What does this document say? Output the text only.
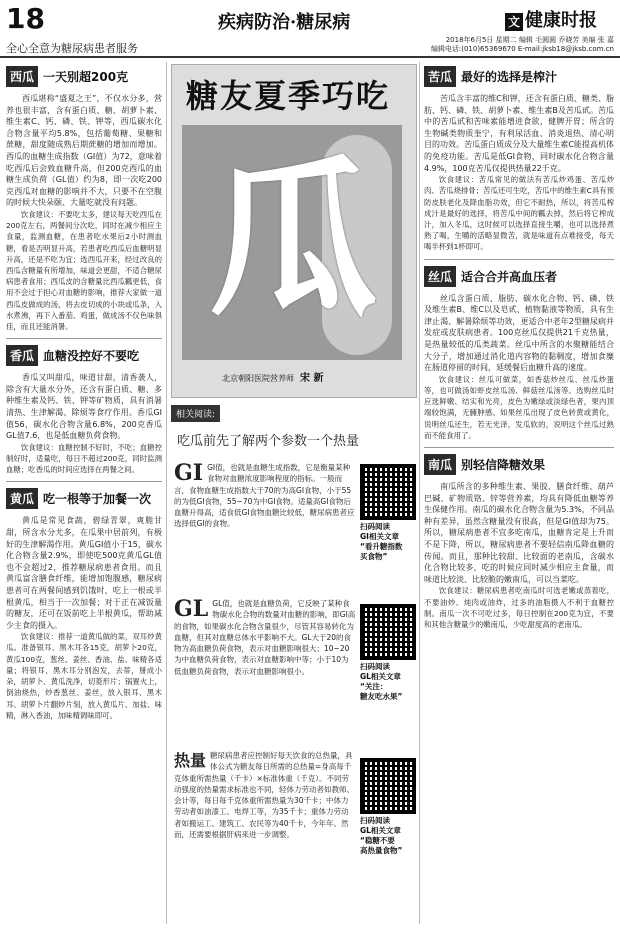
18	疾病防治·糖尿病	文 健康时报
全心全意为糖尿病患者服务
2018年6月5日 星期二 编辑 毛圆圆 乔晓芳 美编 张 嘉
编辑电话:(010)65369670 E-mail:jksb18@jksb.com.cn
西瓜 一天别超200克

西瓜堪称“盛夏之王”，不仅水分多，营养也很丰富，含有蛋白质、糖、胡萝卜素、维生素C、钙、磷、铁、钾等，西瓜碳水化合物含量平均5.8%，包括葡萄糖、果糖和蔗糖，甜度随成熟后期蔗糖的增加而增加。西瓜的血糖生成指数（GI值）为72，意味着吃西瓜后会致血糖升高，但200克西瓜的血糖生成负荷（GL值）约为8，即一次吃200克西瓜对血糖的影响并不大，只要不在空腹的时候大快朵颐、大量吃就没有问题。

饮食建议：不要吃太多，建议每天吃西瓜在200克左右，两餐间分次吃，同时在减少相应主食量，监测血糖，在患者吃水果后2小时测血糖，看是否明显升高，若患者吃西瓜后血糖明显升高，还是不吃为宜；选西瓜开来，经过改良的西瓜含糖量有所增加，味道会更甜，不适合糖尿病患者食用；西瓜皮的含糖量比西瓜瓤更低，食用不会过于担心对血糖的影响，推荐大家做一道西瓜皮做成的汤，将去皮切成的小块或瓜条，入水煮沸，再下入番茄、鸡蛋，做成汤不仅色味俱佳，而且还能消暑。

香瓜 血糖没控好不要吃

香瓜又叫甜瓜，味道甘甜，清香袭人，除含有大量水分外，还含有蛋白质、糖、多种维生素及钙、铁、钾等矿物质，具有消暑清热、生津解渴、除烦等食疗作用。香瓜GI值56，碳水化合物含量6.8%，200克香瓜GL值7.6，也是低血糖负荷食物。

饮食建议：血糖控制不好时，不吃；血糖控制好时，适量吃，每日不超过200克，同时监测血糖；吃香瓜的时间应选择在两餐之间。

黄瓜 吃一根等于加餐一次

黄瓜是常见食蔬，碧绿青翠，爽脆甘甜，所含水分尤多，在瓜果中居前列，有极好的生津解渴作用。黄瓜GI值小于15，碳水化合物含量2.9%，即使吃500克黄瓜GL值也不会超过2，推荐糖尿病患者食用。而且黄瓜富含膳食纤维，能增加饱腹感，糖尿病患者可在两餐间感到饥饿时，吃上一根或半根黄瓜，相当于一次加餐；对于正在减饭量的糖友，还可在饭前吃上半根黄瓜，帮助减少主食的摄入。

饮食建议：推荐一道黄瓜做的菜，双耳炒黄瓜。准备银耳、黑木耳各15克，胡萝卜20克，黄瓜100克，葱丝、姜丝、香油、盐、味精各适量；将银耳、黑木耳分别泡发，去蒂，掰成小朵，胡萝卜、黄瓜洗净，切菱形片；锅置火上，倒油烧热，炒香葱丝、姜丝，放入银耳、黑木耳、胡萝卜片翻炒片刻，放入黄瓜片、加盐、味精，淋入香油，加味精调味即可。

糖友夏季巧吃
瓜
北京朝阳医院营养师 宋 新
相关阅读:
吃瓜前先了解两个参数一个热量
GI GI值，也就是血糖生成指数，它是衡量某种食物对血糖浓度影响程度的指标。一般而言，食物血糖生成指数大于70的为高GI食物，小于55的为低GI食物，55~70为中GI食物。适量高GI食物后血糖升得高，适食低GI食物血糖比较低，糖尿病患者应选择低GI的食物。	扫码阅读
GI相关文章
“看升糖指数
买食物”
GL GL值，也就是血糖负荷，它反映了某种食物碳水化合物的数量对血糖的影响，即GI高的食物，如果碳水化合物含量很少，尽管其容易转化为血糖，但其对血糖总体水平影响不大。GL大于20的食物为高血糖负荷食物，表示对血糖影响很大；10~20为中血糖负荷食物，表示对血糖影响中等；小于10为低血糖负荷食物，表示对血糖影响很小。
扫码阅读
GL相关文章
“关注：
糖友吃水果”
热量 糖尿病患者应控制好每天饮食的总热量，具体公式为糖友每日所需的总热量=身高每千克体重所需热量（千卡）×标准体重（千克）。不同劳动强度的热量需求标准也不同，轻体力劳动者如教师、会计等，每日每千克体重所需热量为30千卡；中体力劳动者如油漆工、电焊工等，为35千卡；重体力劳动者如搬运工、建筑工、农民等为40千卡，今年年。然而，还需要根据肝病来进一步调整。
扫码阅读
GL相关文章
“稳糖不要
高热量食物”
苦瓜 最好的选择是榨汁

苦瓜含丰富的维C和钾，还含有蛋白质、糖类、脂肪、钙、磷、铁、胡萝卜素、维生素B及苦瓜甙。苦瓜中的苦瓜甙和苦味素能增进食欲，健脾开胃；所含的生物碱类物质奎宁，有利尿活血、消炎退热、清心明目的功效。苦瓜蛋白质成分及大量维生素C能提高机体的免疫功能。苦瓜是低GI食物，同时碳水化合物含量4.9%，100克苦瓜仅提供热量22千克。

饮食建议：苦瓜常见的做法有苦瓜炒鸡蛋、苦瓜炒肉、苦瓜烧排骨；苦瓜还可生吃，苦瓜中的维生素C具有预防皮肤老化及降血脂功效，但它不耐热，所以，将苦瓜榨成汁是最好的选择，将苦瓜中间的瓤去掉，然后将它榨成汁，加入冬瓜，这时候可以选择直接生嚼，也可以选择煮熟了喝，生嚼的活略显微苦，就是味道有点难接受，每天喝半杯到1杯即可。

丝瓜 适合合并高血压者

丝瓜含蛋白质、脂肪、碳水化合物、钙、磷、铁及维生素B、维C以及皂甙、植物黏液等物质，具有生津止渴、解暑除烦等功效，更适合中老年2型糖尿病并发症或皮肤病患者。100克丝瓜仅提供21千克热量，是热量较低的瓜类蔬菜。丝瓜中所含的水聚糖能结合大分子，增加通过消化道内容物的黏稠度，增加食糜在肠道停留的时间，延缓餐后血糖升高的速度。

饮食建议：丝瓜可做菜，如香菇炒丝瓜、丝瓜炒蛋等，也可做汤如虾皮丝瓜汤、鲜菇丝瓜汤等。选购丝瓜时应选鲜嫩、结实和光亮，皮色为嫩绿或淡绿色者，果内顶端较饱满，无臃肿感。如果丝瓜出现了皮色转黄或黄化，说明丝瓜还生，若无光泽，发瓜软的，说明这个丝瓜过熟而不能食用了。

南瓜 别轻信降糖效果

南瓜所含的多种维生素、果胶、膳食纤维、葫芦巴碱、矿物质铬、锌等营养素，均具有降低血糖等养生保健作用。南瓜的碳水化合物含量为5.3%，不同品种有差异，虽然含糖量没有很高，但是GI值却为75。所以，糖尿病患者不宜多吃南瓜，血糖肯定是上升而不是下降，所以，糖尿病患者不要轻信南瓜降血糖的传闻。而且，那种比较甜、比较面的老南瓜，含碳水化合物比较多，吃的时候应同时减少相应主食量，而味道比较淡、比较脆的嫩南瓜，可以当菜吃。

饮食建议：糖尿病患者吃南瓜时可选老嫩或蒸着吃，不要油炒、炖肉或油炸，过多的油脂摄入不利于血糖控制。南瓜一次不可吃过多，每日控制在200克为宜，不要和其他含糖量少的嫩南瓜，少吃甜度高的老南瓜。
